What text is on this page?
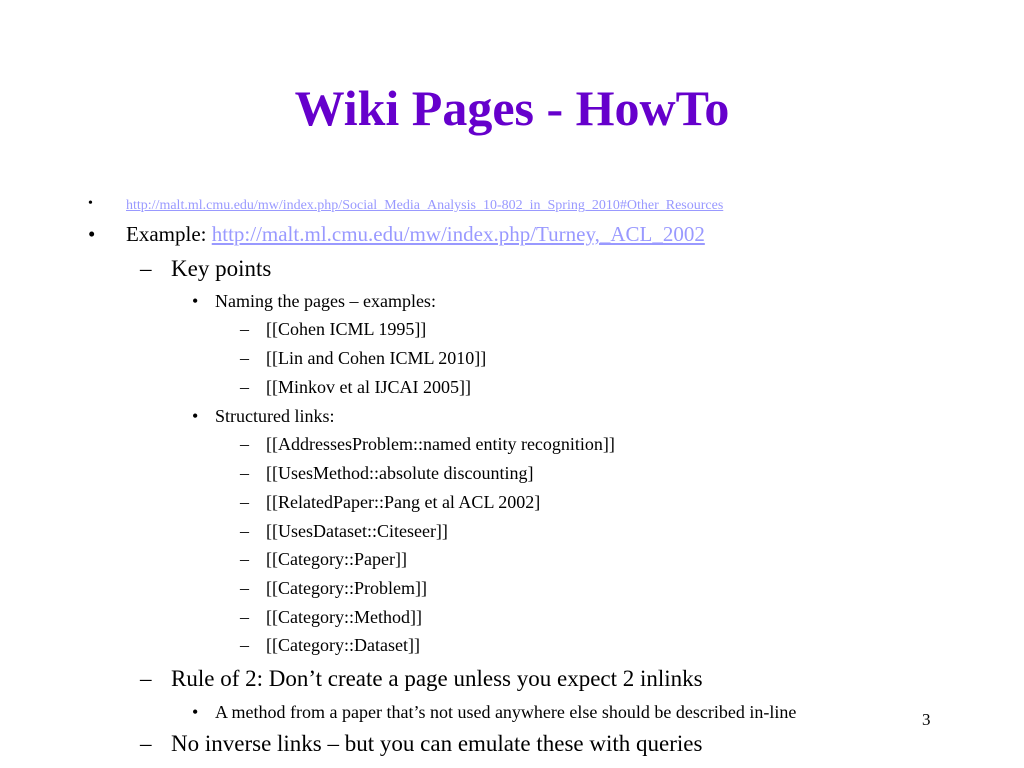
Wiki Pages - HowTo
• http://malt.ml.cmu.edu/mw/index.php/Social_Media_Analysis_10-802_in_Spring_2010#Other_Resources
• Example: http://malt.ml.cmu.edu/mw/index.php/Turney,_ACL_2002
– Key points
• Naming the pages – examples:
– [[Cohen ICML 1995]]
– [[Lin and Cohen ICML 2010]]
– [[Minkov et al IJCAI 2005]]
• Structured links:
– [[AddressesProblem::named entity recognition]]
– [[UsesMethod::absolute discounting]
– [[RelatedPaper::Pang et al ACL 2002]
– [[UsesDataset::Citeseer]]
– [[Category::Paper]]
– [[Category::Problem]]
– [[Category::Method]]
– [[Category::Dataset]]
– Rule of 2: Don’t create a page unless you expect 2 inlinks
• A method from a paper that’s not used anywhere else should be described in-line
– No inverse links – but you can emulate these with queries
3
